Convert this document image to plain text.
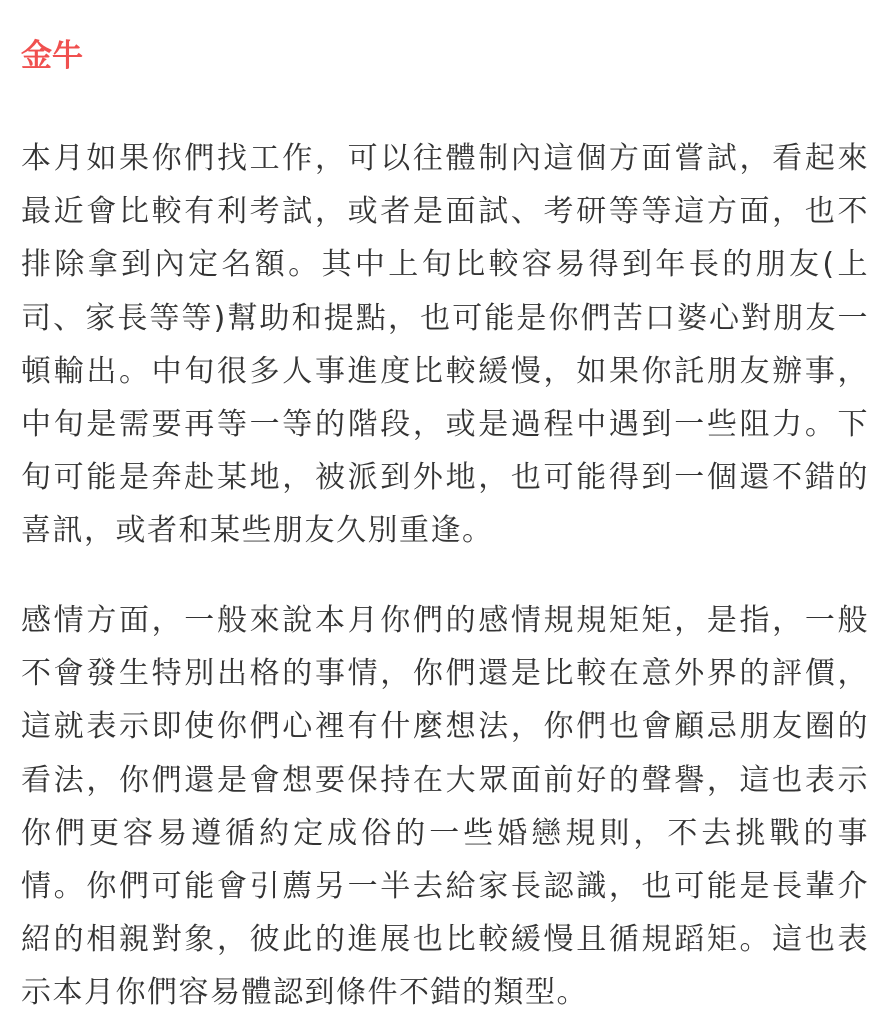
金牛

本月如果你們找工作，可以往體制內這個方面嘗試，看起來最近會比較有利考試，或者是面試、考研等等這方面，也不排除拿到內定名額。其中上旬比較容易得到年長的朋友(上司、家長等等)幫助和提點，也可能是你們苦口婆心對朋友一頓輸出。中旬很多人事進度比較緩慢，如果你託朋友辦事，中旬是需要再等一等的階段，或是過程中遇到一些阻力。下旬可能是奔赴某地，被派到外地，也可能得到一個還不錯的喜訊，或者和某些朋友久別重逢。

感情方面，一般來說本月你們的感情規規矩矩，是指，一般不會發生特別出格的事情，你們還是比較在意外界的評價，這就表示即使你們心裡有什麼想法，你們也會顧忌朋友圈的看法，你們還是會想要保持在大眾面前好的聲譽，這也表示你們更容易遵循約定成俗的一些婚戀規則，不去挑戰的事情。你們可能會引薦另一半去給家長認識，也可能是長輩介紹的相親對象，彼此的進展也比較緩慢且循規蹈矩。這也表示本月你們容易體認到條件不錯的類型。
